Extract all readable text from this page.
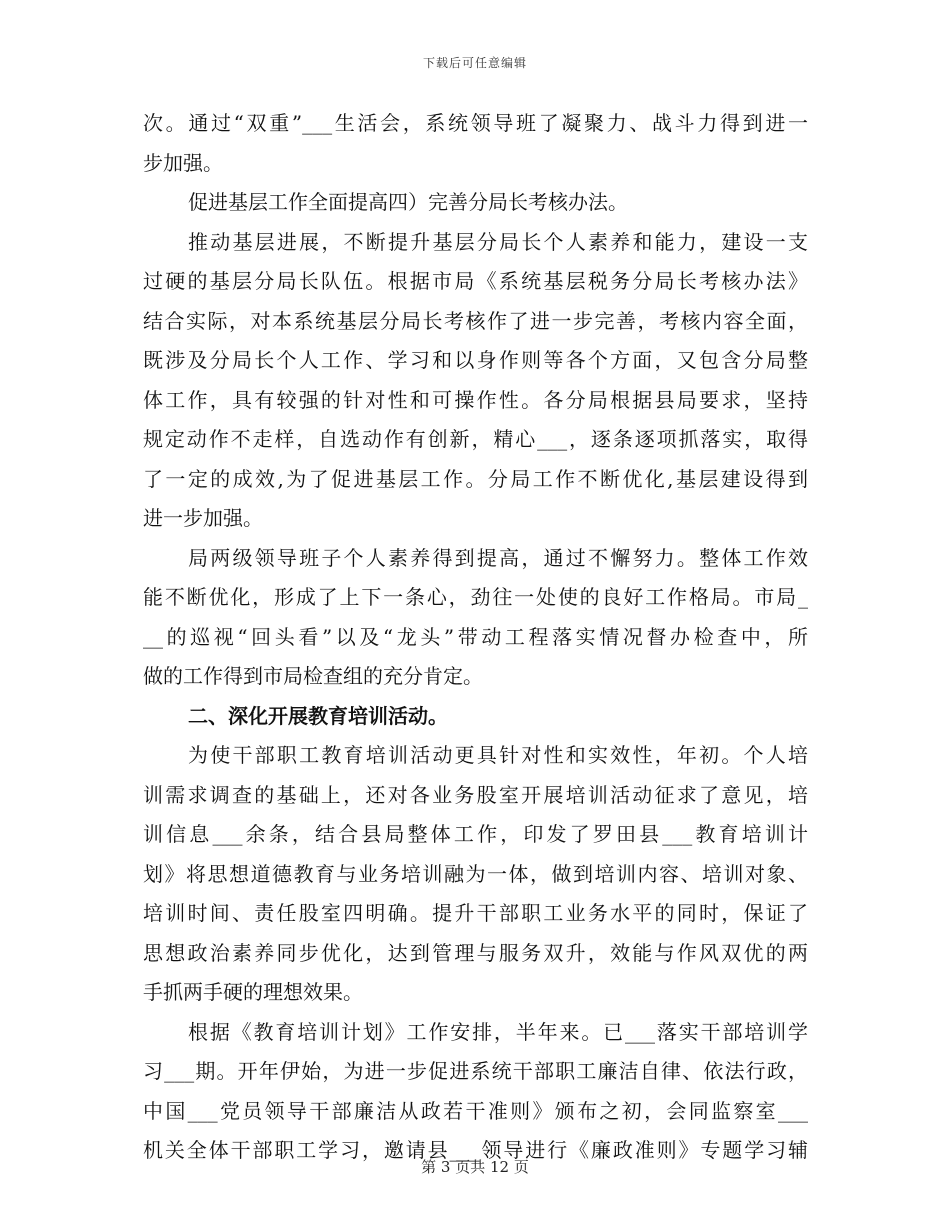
下载后可任意编辑
次。通过“双重”___生活会，系统领导班了凝聚力、战斗力得到进一
步加强。
促进基层工作全面提高四）完善分局长考核办法。
推动基层进展，不断提升基层分局长个人素养和能力，建设一支
过硬的基层分局长队伍。根据市局《系统基层税务分局长考核办法》
结合实际，对本系统基层分局长考核作了进一步完善，考核内容全面，
既涉及分局长个人工作、学习和以身作则等各个方面，又包含分局整
体工作，具有较强的针对性和可操作性。各分局根据县局要求，坚持
规定动作不走样，自选动作有创新，精心___，逐条逐项抓落实，取得
了一定的成效,为了促进基层工作。分局工作不断优化,基层建设得到
进一步加强。
局两级领导班子个人素养得到提高，通过不懈努力。整体工作效
能不断优化，形成了上下一条心，劲往一处使的良好工作格局。市局_
__的巡视“回头看”以及“龙头”带动工程落实情况督办检查中，所
做的工作得到市局检查组的充分肯定。
二、深化开展教育培训活动。
为使干部职工教育培训活动更具针对性和实效性，年初。个人培
训需求调查的基础上，还对各业务股室开展培训活动征求了意见，培
训信息___余条，结合县局整体工作，印发了罗田县___教育培训计
划》将思想道德教育与业务培训融为一体，做到培训内容、培训对象、
培训时间、责任股室四明确。提升干部职工业务水平的同时，保证了
思想政治素养同步优化，达到管理与服务双升，效能与作风双优的两
手抓两手硬的理想效果。
根据《教育培训计划》工作安排，半年来。已___落实干部培训学
习___期。开年伊始，为进一步促进系统干部职工廉洁自律、依法行政，
中国___党员领导干部廉洁从政若干准则》颁布之初，会同监察室___
机关全体干部职工学习，邀请县___领导进行《廉政准则》专题学习辅
第 3 页共 12 页
